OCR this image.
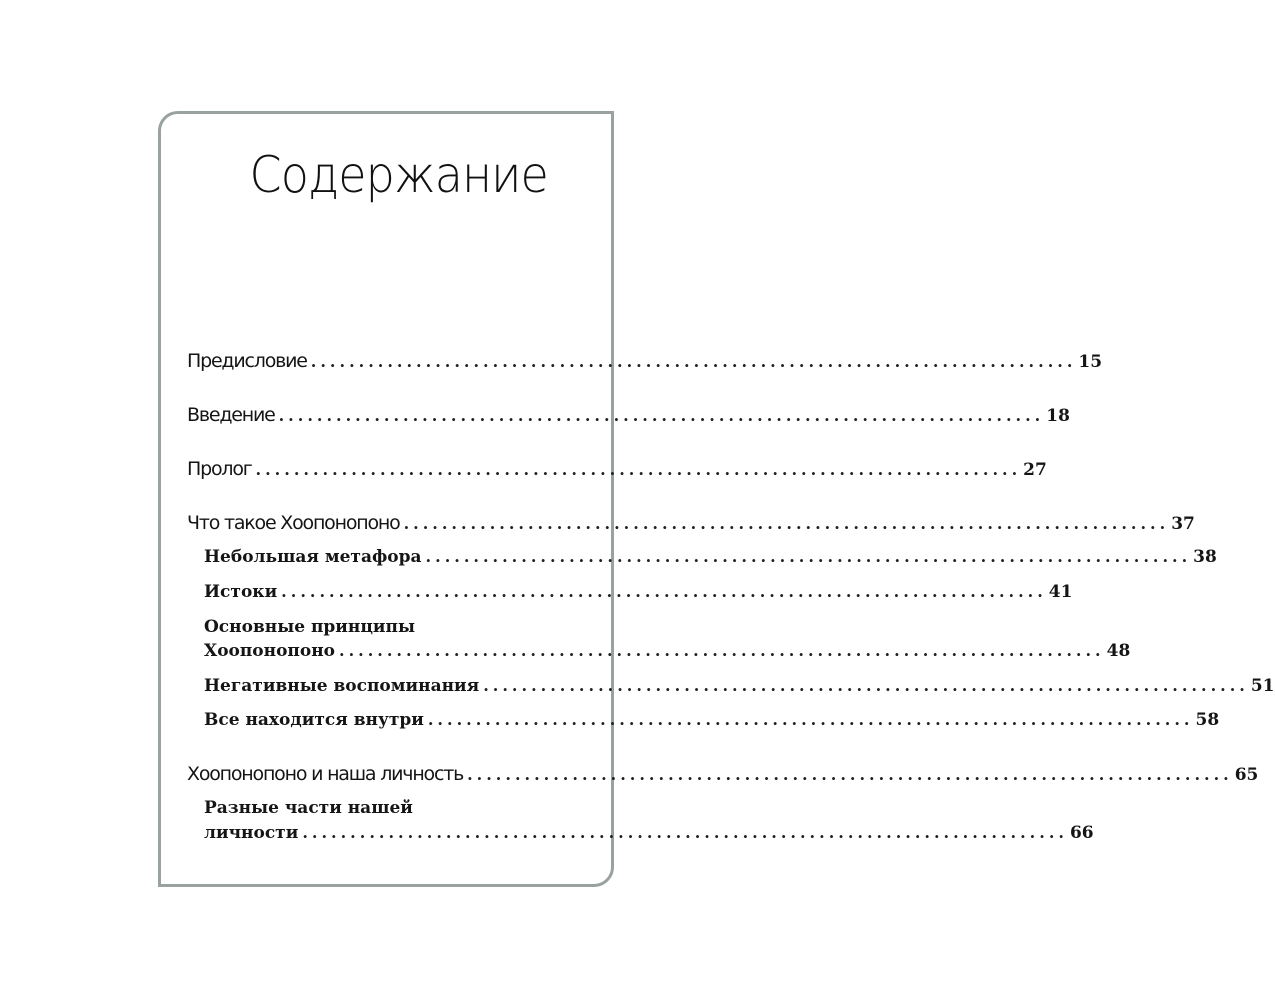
Содержание
Предисловие ................................................................................ 15
Введение ................................................................................ 18
Пролог ................................................................................ 27
Что такое Хоопонопоно ................................................................................ 37
Небольшая метафора ................................................................................ 38
Истоки ................................................................................ 41
Основные принципы
Хоопонопоно ................................................................................ 48
Негативные воспоминания ................................................................................ 51
Все находится внутри ................................................................................ 58
Хоопонопоно и наша личность ................................................................................ 65
Разные части нашей
личности ................................................................................ 66
